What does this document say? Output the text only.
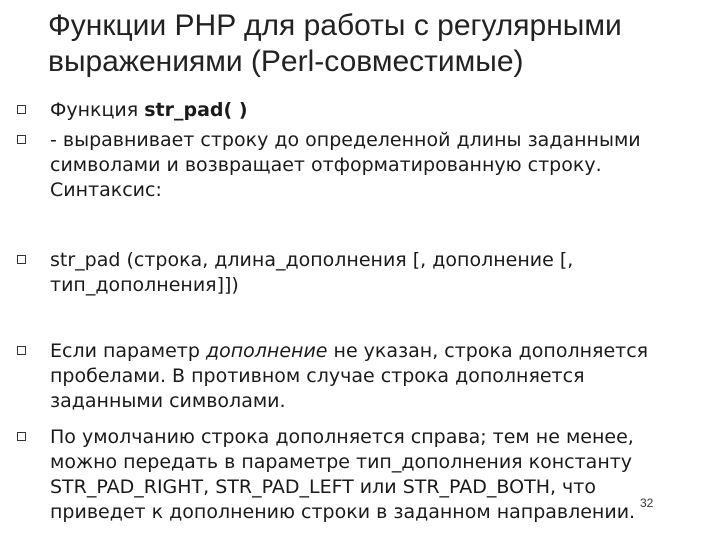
Функции PHP для работы с регулярными
выражениями (Perl-совместимые)
Функция str_pad( )
- выравнивает строку до определенной длины заданными символами и возвращает отформатированную строку. Синтаксис:
str_pad (строка, длина_дополнения [, дополнение [, тип_дополнения]])
Если параметр дополнение не указан, строка дополняется пробелами. В противном случае строка дополняется заданными символами.
По умолчанию строка дополняется справа; тем не менее, можно передать в параметре тип_дополнения константу STR_PAD_RIGHT, STR_PAD_LEFT или STR_PAD_BOTH, что приведет к дополнению строки в заданном направлении. 32
